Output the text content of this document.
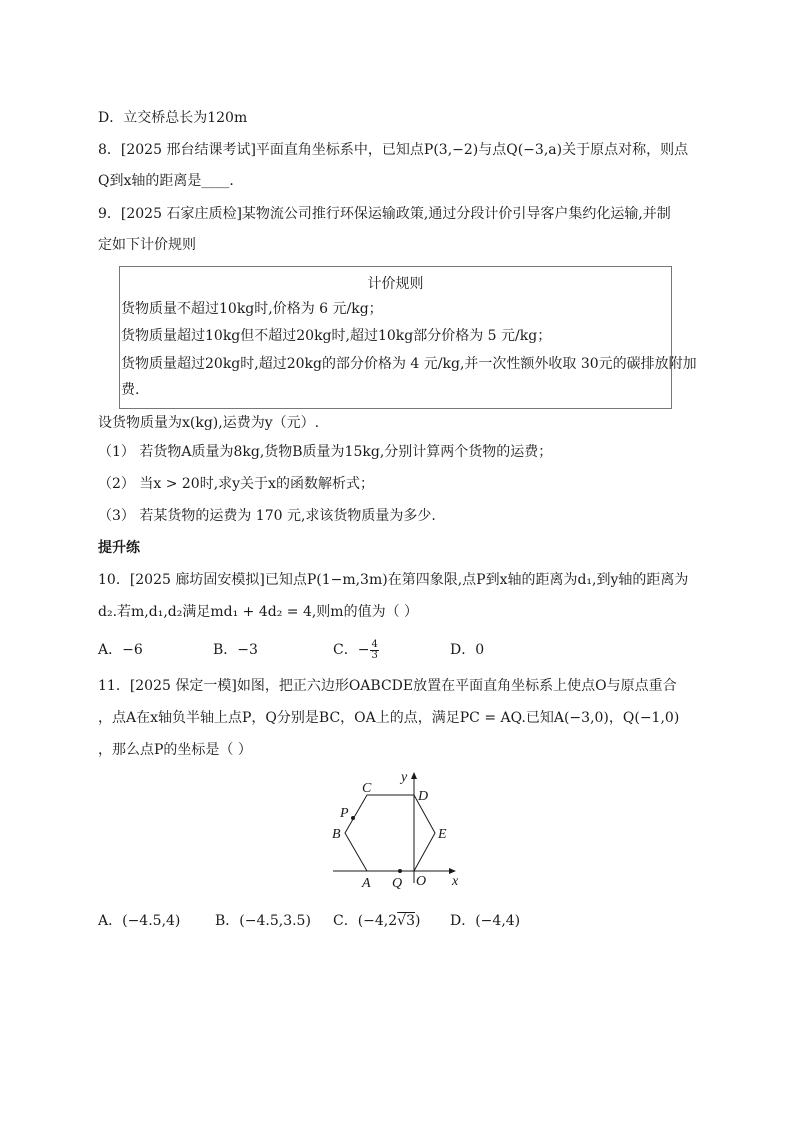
D．立交桥总长为120m
8．[2025 邢台结课考试]平面直角坐标系中，已知点P(3,−2)与点Q(−3,a)关于原点对称，则点
Q到x轴的距离是____．
9．[2025 石家庄质检]某物流公司推行环保运输政策,通过分段计价引导客户集约化运输,并制
定如下计价规则
计价规则
货物质量不超过10kg时,价格为 6 元/kg；
货物质量超过10kg但不超过20kg时,超过10kg部分价格为 5 元/kg；
货物质量超过20kg时,超过20kg的部分价格为 4 元/kg,并一次性额外收取 30元的碳排放附加
费.
设货物质量为x(kg),运费为y（元）.
（1） 若货物A质量为8kg,货物B质量为15kg,分别计算两个货物的运费；
（2） 当x > 20时,求y关于x的函数解析式；
（3） 若某货物的运费为 170 元,求该货物质量为多少.
提升练
10．[2025 廊坊固安模拟]已知点P(1−m,3m)在第四象限,点P到x轴的距离为d₁,到y轴的距离为
d₂.若m,d₁,d₂满足md₁ + 4d₂ = 4,则m的值为（ ）
A．−6	B．−3	C．− $\frac{4}{3}$	D．0
11．[2025 保定一模]如图，把正六边形OABCDE放置在平面直角坐标系上使点O与原点重合
，点A在x轴负半轴上点P，Q分别是BC，OA上的点，满足PC = AQ.已知A(−3,0)，Q(−1,0)
，那么点P的坐标是（ ）
C
y
D
P
B	E
A Q O x
A．(−4.5,4) B．(−4.5,3.5) C．(−4,2√3) D．(−4,4)
